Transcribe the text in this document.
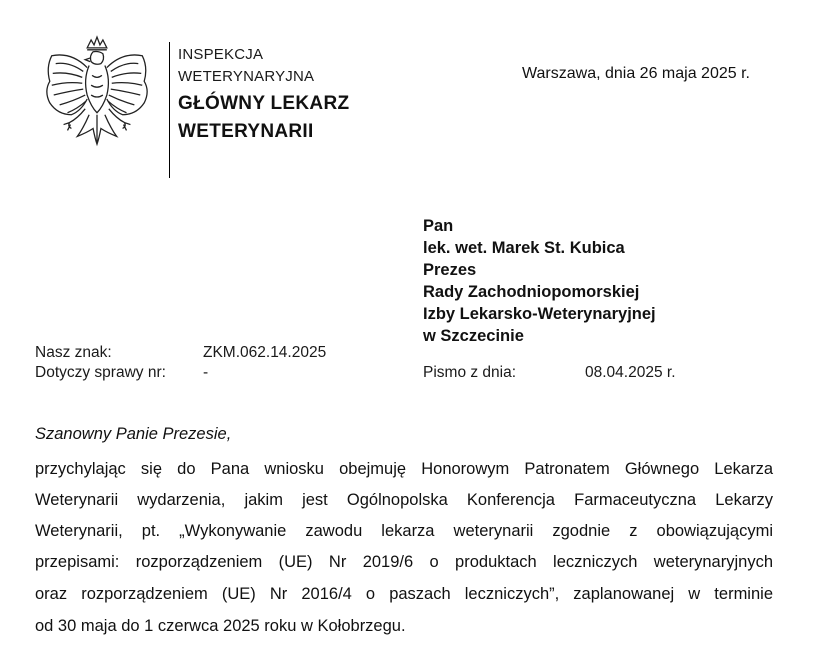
INSPEKCJA
WETERYNARYJNA
GŁÓWNY LEKARZ
WETERYNARII
Warszawa, dnia 26 maja 2025 r.
Pan
lek. wet. Marek St. Kubica
Prezes
Rady Zachodniopomorskiej
Izby Lekarsko-Weterynaryjnej
w Szczecinie
Nasz znak:	ZKM.062.14.2025
Dotyczy sprawy nr: -	Pismo z dnia:	08.04.2025 r.
Szanowny Panie Prezesie,
przychylając się do Pana wniosku obejmuję Honorowym Patronatem Głównego Lekarza
Weterynarii wydarzenia, jakim jest Ogólnopolska Konferencja Farmaceutyczna Lekarzy
Weterynarii, pt. „Wykonywanie zawodu lekarza weterynarii zgodnie z obowiązującymi
przepisami: rozporządzeniem (UE) Nr 2019/6 o produktach leczniczych weterynaryjnych
oraz rozporządzeniem (UE) Nr 2016/4 o paszach leczniczych”, zaplanowanej w terminie
od 30 maja do 1 czerwca 2025 roku w Kołobrzegu.
